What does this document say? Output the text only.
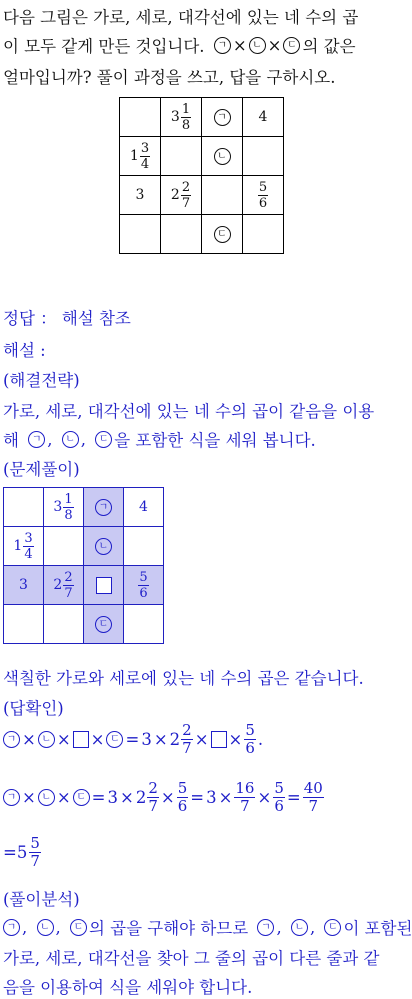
다음 그림은 가로, 세로, 대각선에 있는 네 수의 곱
이 모두 같게 만든 것입니다.
	ㄱ × ㄴ × ㄷ 의 값은
얼마입니까? 풀이 과정을 쓰고, 답을 구하시오.

	$3 \frac{1}{8}$	ㄱ	4

$1 \frac{3}{4}$		ㄴ	
3	$2 \frac{2}{7}$		$\frac{5}{6}$

		ㄷ	
정답 ： 해설 참조
해설 :
(해결전략)
가로, 세로, 대각선에 있는 네 수의 곱이 같음을 이용
해
	ㄱ ,
	ㄴ ,
	ㄷ 을 포함한 식을 세워 봅니다.
(문제풀이)

	$3 \frac{1}{8}$	ㄱ	4

$1 \frac{3}{4}$		ㄴ	
3	$2 \frac{2}{7}$		$\frac{5}{6}$

		ㄷ	
색칠한 가로와 세로에 있는 네 수의 곱은 같습니다.
(답확인)
ㄱ × ㄴ × × ㄷ = $3 \times 2 \frac{2}{7}$ × × $\frac{5}{6}$ .
ㄱ × ㄴ × ㄷ = $3 \times 2 \frac{2}{7} \times \frac{5}{6} = 3 \times \frac{16}{7} \times \frac{5}{6} = \frac{40}{7}$
$=5 \frac{5}{7}$
(풀이분석)
ㄱ ,
	ㄴ ,
	ㄷ 의 곱을 구해야 하므로
	ㄱ ,
	ㄴ ,
	ㄷ 이 포함된
가로, 세로, 대각선을 찾아 그 줄의 곱이 다른 줄과 같
음을 이용하여 식을 세워야 합니다.
